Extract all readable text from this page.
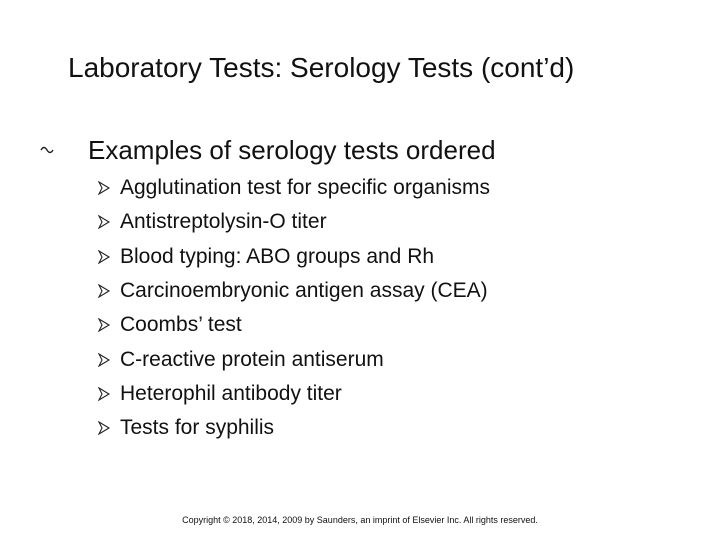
Laboratory Tests: Serology Tests (cont’d)
Examples of serology tests ordered
Agglutination test for specific organisms
Antistreptolysin-O titer
Blood typing: ABO groups and Rh
Carcinoembryonic antigen assay (CEA)
Coombs’ test
C-reactive protein antiserum
Heterophil antibody titer
Tests for syphilis
Copyright © 2018, 2014, 2009 by Saunders, an imprint of Elsevier Inc. All rights reserved.
